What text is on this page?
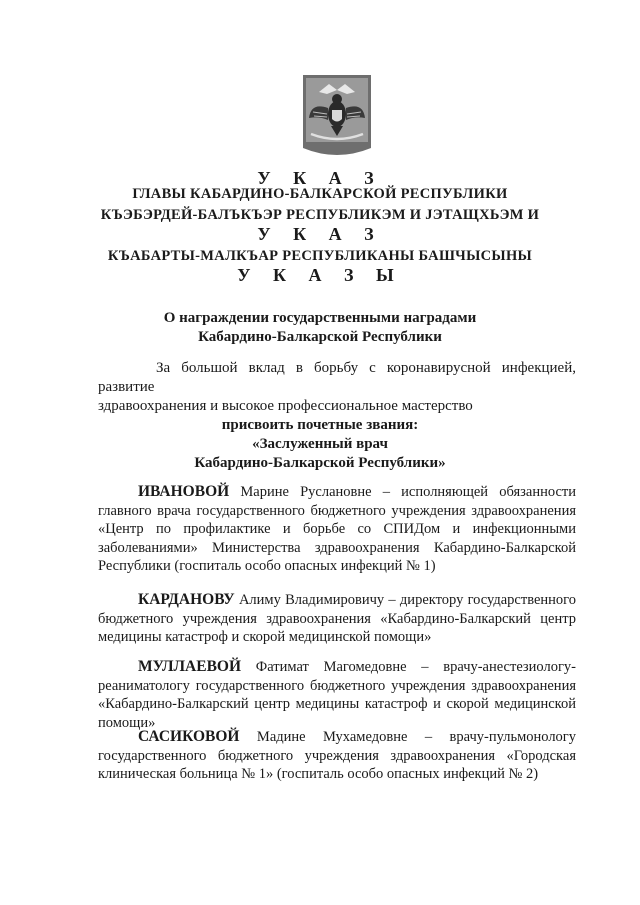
У К А З
ГЛАВЫ КАБАРДИНО-БАЛКАРСКОЙ РЕСПУБЛИКИ
КЪЭБЭРДЕЙ-БАЛЪКЪЭР РЕСПУБЛИКЭМ И ЈЭТАЩХЬЭМ И
У К А З
КЪАБАРТЫ-МАЛКЪАР РЕСПУБЛИКАНЫ БАШЧЫСЫНЫ
У К А З Ы
О награждении государственными наградами
Кабардино-Балкарской Республики
За большой вклад в борьбу с коронавирусной инфекцией, развитие
здравоохранения и высокое профессиональное мастерство
присвоить почетные звания:
«Заслуженный врач
Кабардино-Балкарской Республики»
ИВАНОВОЙ Марине Руслановне – исполняющей обязанности главного врача государственного бюджетного учреждения здравоохранения «Центр по профилактике и борьбе со СПИДом и инфекционными заболеваниями» Министерства здравоохранения Кабардино-Балкарской Республики (госпиталь особо опасных инфекций № 1)
КАРДАНОВУ Алиму Владимировичу – директору государственного бюджетного учреждения здравоохранения «Кабардино-Балкарский центр медицины катастроф и скорой медицинской помощи»
МУЛЛАЕВОЙ Фатимат Магомедовне – врачу-анестезиологу-реаниматологу государственного бюджетного учреждения здравоохранения «Кабардино-Балкарский центр медицины катастроф и скорой медицинской помощи»
САСИКОВОЙ Мадине Мухамедовне – врачу-пульмонологу государственного бюджетного учреждения здравоохранения «Городская клиническая больница № 1» (госпиталь особо опасных инфекций № 2)
